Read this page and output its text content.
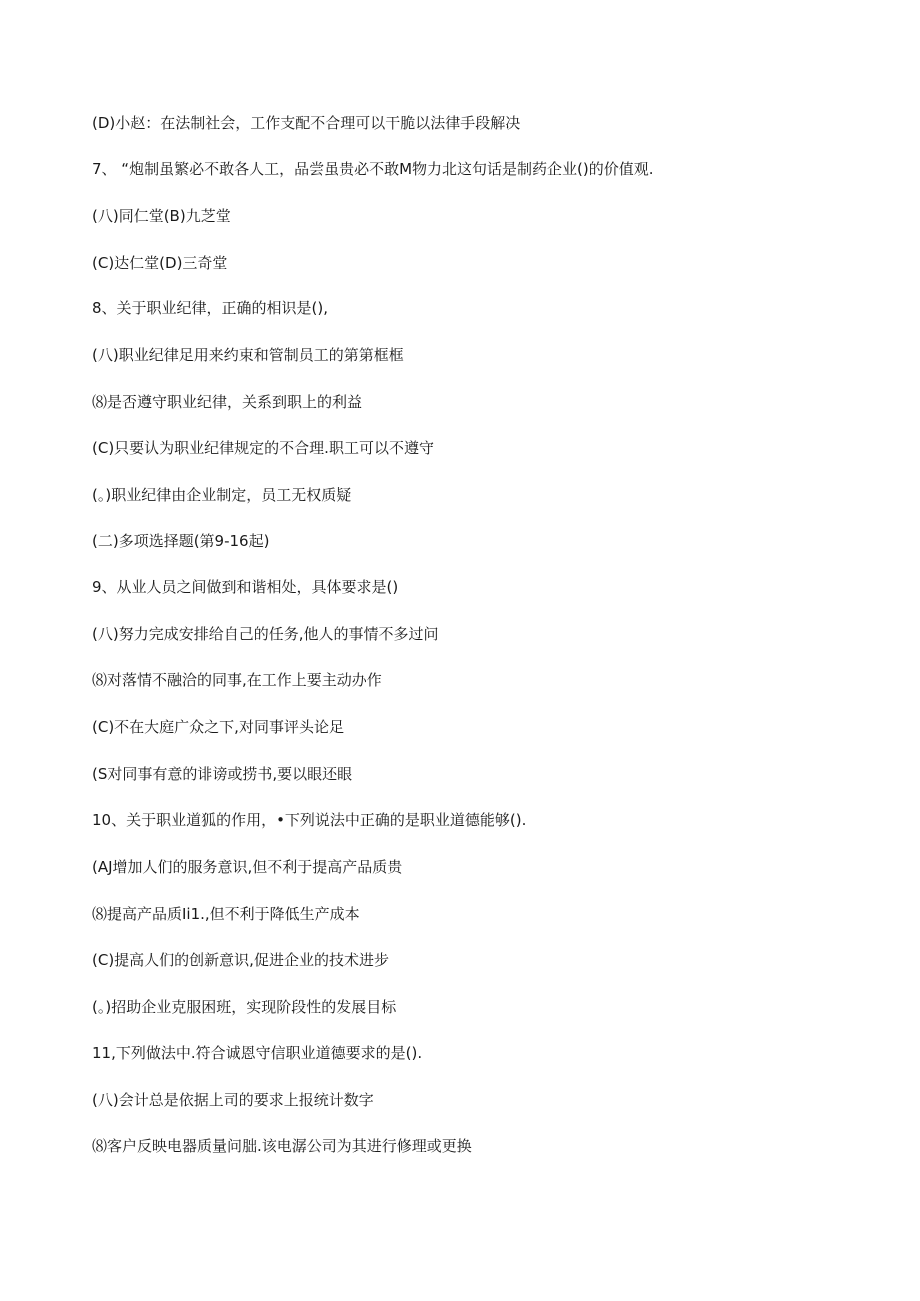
(D)小赵：在法制社会，工作支配不合理可以干脆以法律手段解决
7、 “炮制虽繁必不敢各人工，品尝虽贵必不敢M物力北这句话是制药企业()的价值观.
(八)同仁堂(B)九芝堂
(C)达仁堂(D)三奇堂
8、关于职业纪律，正确的相识是(),
(八)职业纪律足用来约束和管制员工的第第框框
⑻是否遵守职业纪律，关系到职上的利益
(C)只要认为职业纪律规定的不合理.职工可以不遵守
(。)职业纪律由企业制定，员工无权质疑
(二)多项选择题(第9-16起)
9、从业人员之间做到和谐相处，具体要求是()
(八)努力完成安排给自己的任务,他人的事情不多过问
⑻对落情不融洽的同事,在工作上要主动办作
(C)不在大庭广众之下,对同事评头论足
(S对同事有意的诽谤或捞书,要以眼还眼
10、关于职业道狐的作用，•下列说法中正确的是职业道德能够().
(AJ增加人们的服务意识,但不利于提高产品质贵
⑻提高产品质Ii1.,但不利于降低生产成本
(C)提高人们的创新意识,促进企业的技术进步
(。)招助企业克服困班，实现阶段性的发展目标
11,下列做法中.符合诚恩守信职业道德要求的是().
(八)会计总是依据上司的要求上报统计数字
⑻客户反映电器质量问朏.该电潺公司为其进行修理或更换
